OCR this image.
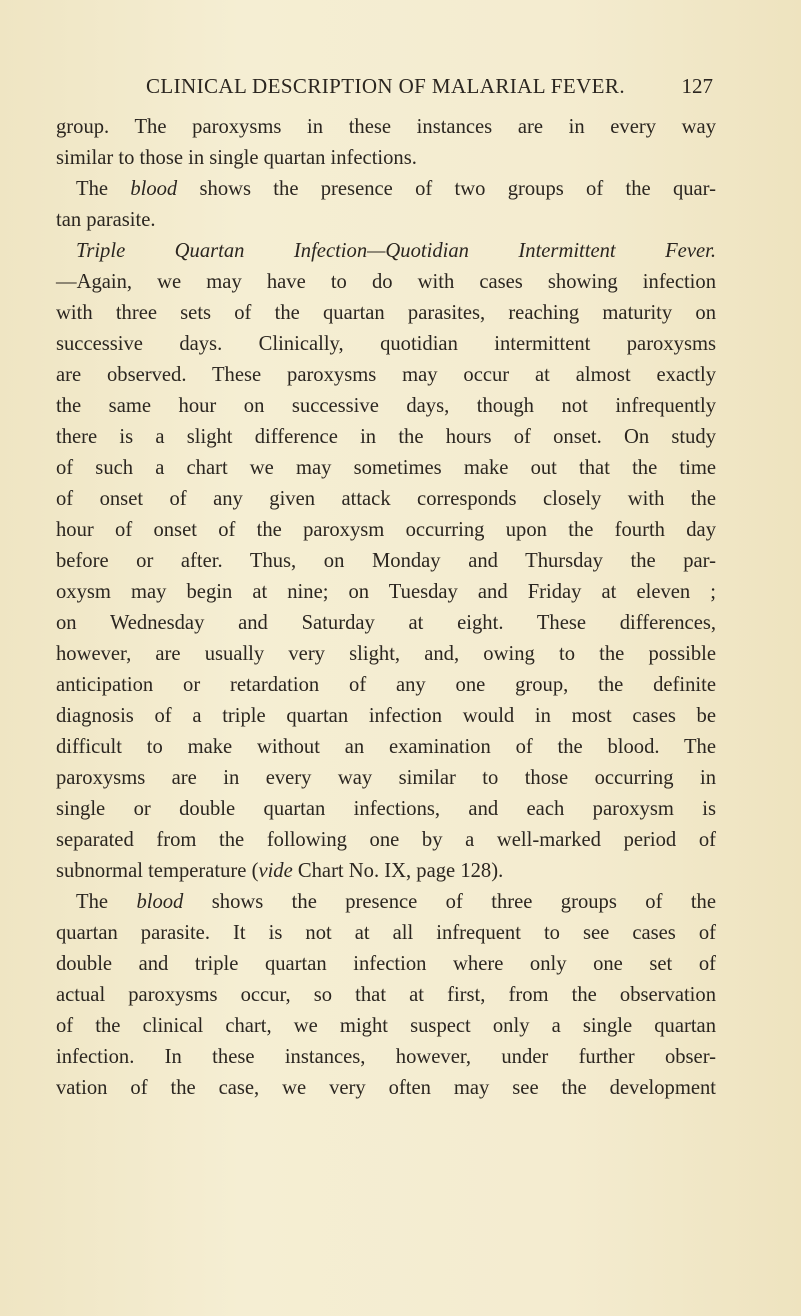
CLINICAL DESCRIPTION OF MALARIAL FEVER.	127
group. The paroxysms in these instances are in every way
similar to those in single quartan infections.
The blood shows the presence of two groups of the quar-
tan parasite.
Triple Quartan Infection—Quotidian Intermittent Fever.
—Again, we may have to do with cases showing infection
with three sets of the quartan parasites, reaching maturity on
successive days. Clinically, quotidian intermittent paroxysms
are observed. These paroxysms may occur at almost exactly
the same hour on successive days, though not infrequently
there is a slight difference in the hours of onset. On study
of such a chart we may sometimes make out that the time
of onset of any given attack corresponds closely with the
hour of onset of the paroxysm occurring upon the fourth day
before or after. Thus, on Monday and Thursday the par-
oxysm may begin at nine; on Tuesday and Friday at eleven ;
on Wednesday and Saturday at eight. These differences,
however, are usually very slight, and, owing to the possible
anticipation or retardation of any one group, the definite
diagnosis of a triple quartan infection would in most cases be
difficult to make without an examination of the blood. The
paroxysms are in every way similar to those occurring in
single or double quartan infections, and each paroxysm is
separated from the following one by a well-marked period of
subnormal temperature (vide Chart No. IX, page 128).
The blood shows the presence of three groups of the
quartan parasite. It is not at all infrequent to see cases of
double and triple quartan infection where only one set of
actual paroxysms occur, so that at first, from the observation
of the clinical chart, we might suspect only a single quartan
infection. In these instances, however, under further obser-
vation of the case, we very often may see the development
